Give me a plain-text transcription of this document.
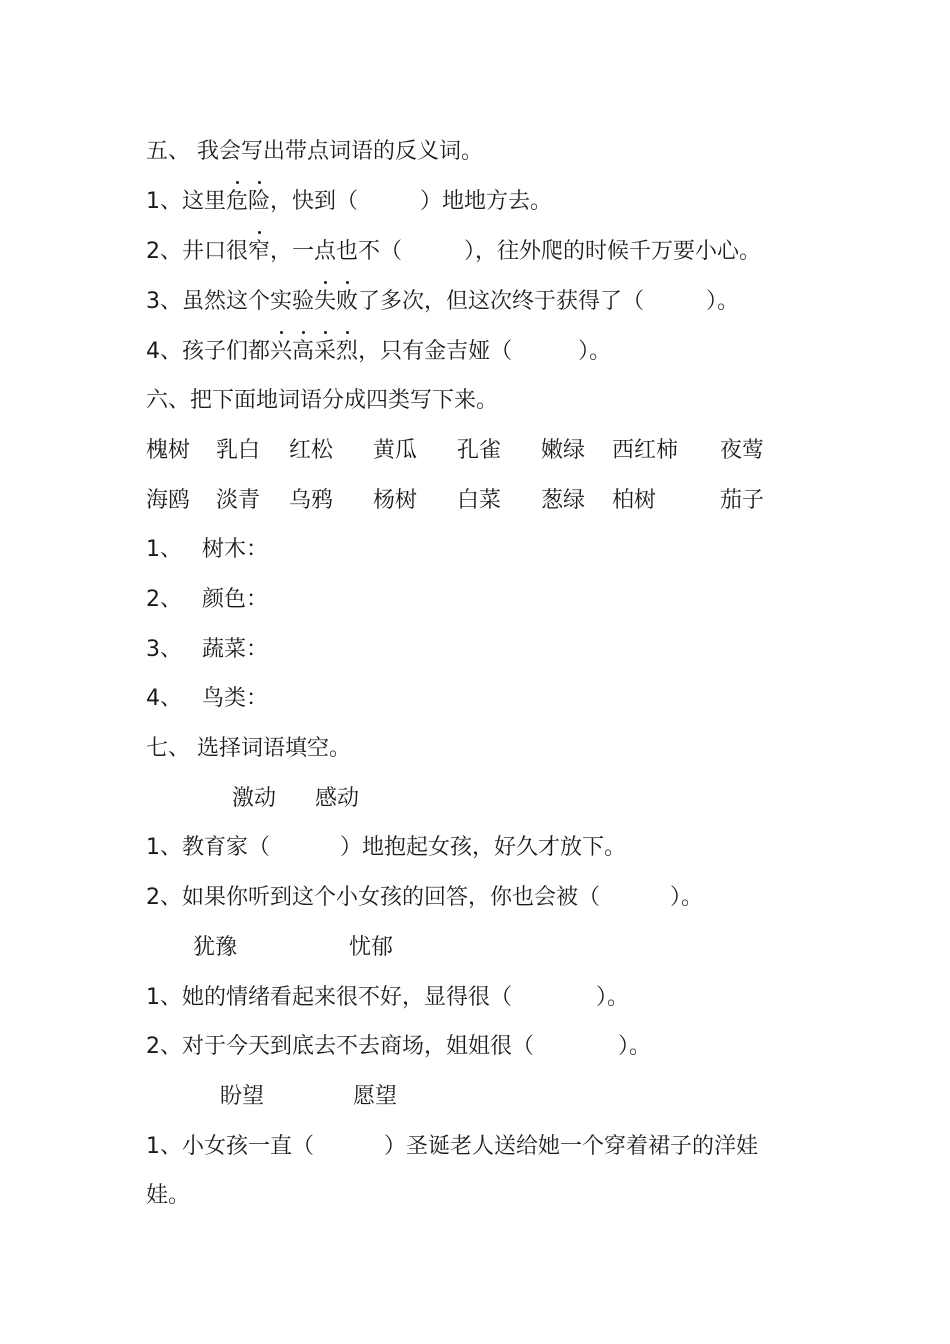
五、 我会写出带点词语的反义词。
1、这里危险，快到（	）地地方去。
2、井口很窄，一点也不（	），往外爬的时候千万要小心。
3、虽然这个实验失败了多次，但这次终于获得了（	）。
4、孩子们都兴高采烈，只有金吉娅（	）。
六、把下面地词语分成四类写下来。
槐树 乳白 红松 黄瓜 孔雀 嫩绿 西红柿 夜莺
海鸥 淡青 乌鸦 杨树 白菜 葱绿 柏树	茄子
1、 树木：
2、 颜色：
3、 蔬菜：
4、 鸟类：
七、 选择词语填空。
激动 感动
1、教育家（	）地抱起女孩，好久才放下。
2、如果你听到这个小女孩的回答，你也会被（	）。
犹豫	忧郁
1、她的情绪看起来很不好，显得很（	）。
2、对于今天到底去不去商场，姐姐很（	）。
盼望	愿望
1、小女孩一直（	）圣诞老人送给她一个穿着裙子的洋娃
娃。
